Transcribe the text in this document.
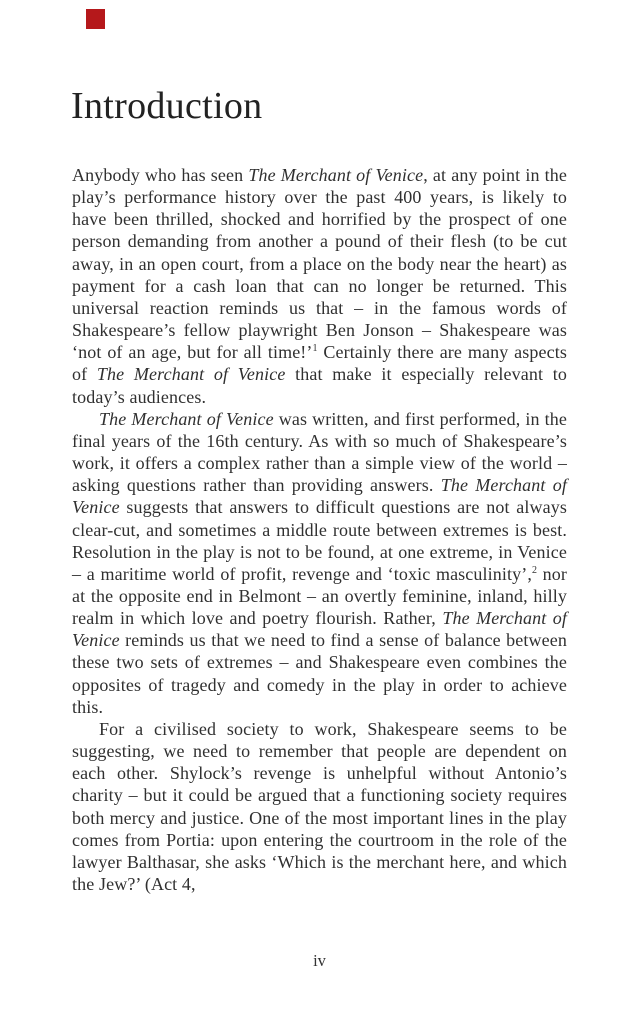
Introduction

Anybody who has seen The Merchant of Venice, at any point in the play’s performance history over the past 400 years, is likely to have been thrilled, shocked and horrified by the prospect of one person demanding from another a pound of their flesh (to be cut away, in an open court, from a place on the body near the heart) as payment for a cash loan that can no longer be returned. This universal reaction reminds us that – in the famous words of Shakespeare’s fellow playwright Ben Jonson – Shakespeare was ‘not of an age, but for all time!’$^1$ Certainly there are many aspects of The Merchant of Venice that make it especially relevant to today’s audiences.

The Merchant of Venice was written, and first performed, in the final years of the 16th century. As with so much of Shakespeare’s work, it offers a complex rather than a simple view of the world – asking questions rather than providing answers. The Merchant of Venice suggests that answers to difficult questions are not always clear-cut, and sometimes a middle route between extremes is best. Resolution in the play is not to be found, at one extreme, in Venice – a maritime world of profit, revenge and ‘toxic masculinity’,$^2$ nor at the opposite end in Belmont – an overtly feminine, inland, hilly realm in which love and poetry flourish. Rather, The Merchant of Venice reminds us that we need to find a sense of balance between these two sets of extremes – and Shakespeare even combines the opposites of tragedy and comedy in the play in order to achieve this.

For a civilised society to work, Shakespeare seems to be suggesting, we need to remember that people are dependent on each other. Shylock’s revenge is unhelpful without Antonio’s charity – but it could be argued that a functioning society requires both mercy and justice. One of the most important lines in the play comes from Portia: upon entering the courtroom in the role of the lawyer Balthasar, she asks ‘Which is the merchant here, and which the Jew?’ (Act 4,

iv
